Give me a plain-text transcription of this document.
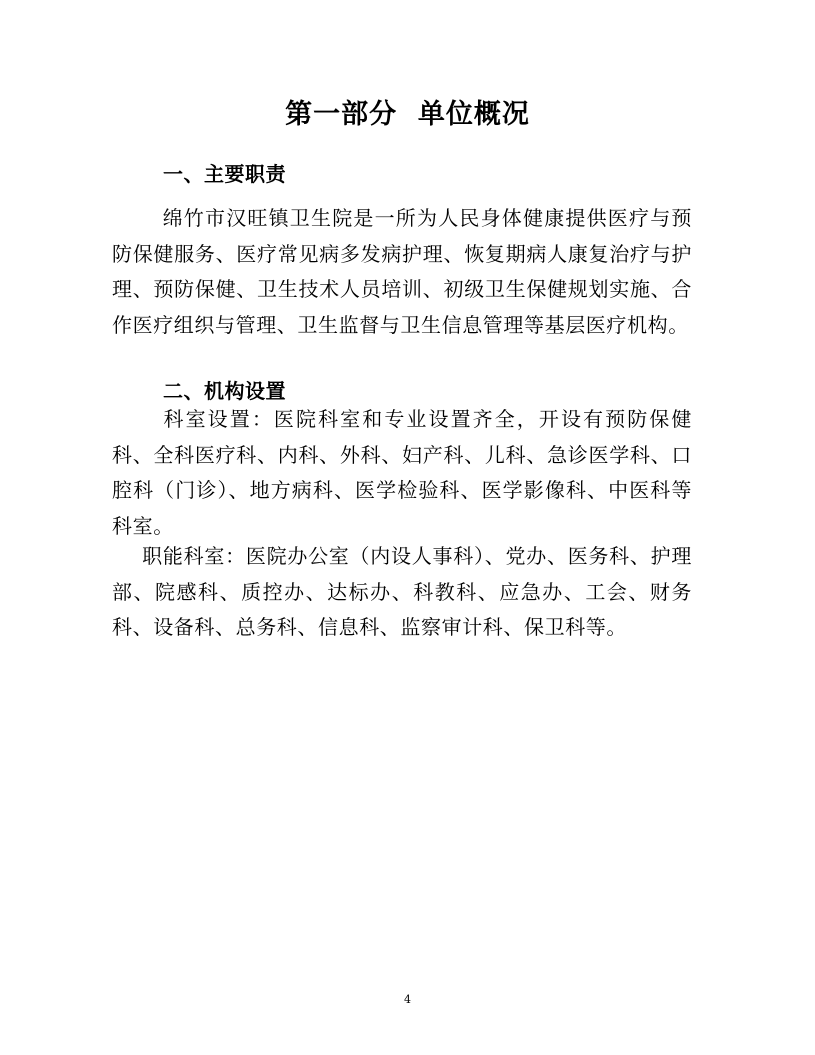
第一部分  单位概况
一、主要职责
绵竹市汉旺镇卫生院是一所为人民身体健康提供医疗与预防保健服务、医疗常见病多发病护理、恢复期病人康复治疗与护理、预防保健、卫生技术人员培训、初级卫生保健规划实施、合作医疗组织与管理、卫生监督与卫生信息管理等基层医疗机构。
二、机构设置
科室设置：医院科室和专业设置齐全，开设有预防保健科、全科医疗科、内科、外科、妇产科、儿科、急诊医学科、口腔科（门诊）、地方病科、医学检验科、医学影像科、中医科等科室。
职能科室：医院办公室（内设人事科）、党办、医务科、护理部、院感科、质控办、达标办、科教科、应急办、工会、财务科、设备科、总务科、信息科、监察审计科、保卫科等。
4
